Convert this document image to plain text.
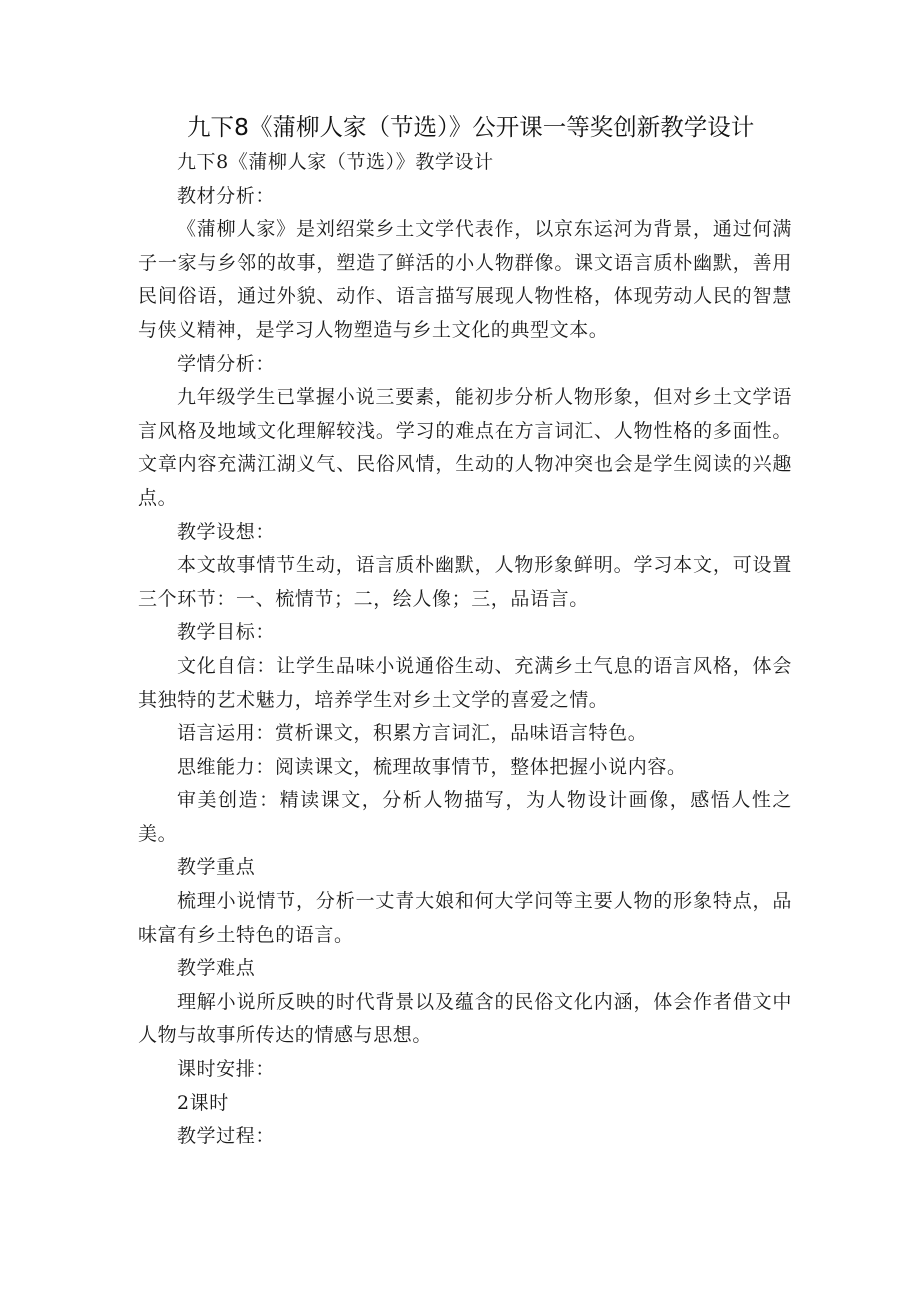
九下8《蒲柳人家（节选）》公开课一等奖创新教学设计

九下8《蒲柳人家（节选）》教学设计

教材分析：

《蒲柳人家》是刘绍棠乡土文学代表作，以京东运河为背景，通过何满子一家与乡邻的故事，塑造了鲜活的小人物群像。课文语言质朴幽默，善用民间俗语，通过外貌、动作、语言描写展现人物性格，体现劳动人民的智慧与侠义精神，是学习人物塑造与乡土文化的典型文本。

学情分析：

九年级学生已掌握小说三要素，能初步分析人物形象，但对乡土文学语言风格及地域文化理解较浅。学习的难点在方言词汇、人物性格的多面性。文章内容充满江湖义气、民俗风情，生动的人物冲突也会是学生阅读的兴趣点。

教学设想：

本文故事情节生动，语言质朴幽默，人物形象鲜明。学习本文，可设置三个环节：一、梳情节；二，绘人像；三，品语言。

教学目标：

文化自信：让学生品味小说通俗生动、充满乡土气息的语言风格，体会其独特的艺术魅力，培养学生对乡土文学的喜爱之情。

语言运用：赏析课文，积累方言词汇，品味语言特色。

思维能力：阅读课文，梳理故事情节，整体把握小说内容。

审美创造：精读课文，分析人物描写，为人物设计画像，感悟人性之美。

教学重点

梳理小说情节，分析一丈青大娘和何大学问等主要人物的形象特点，品味富有乡土特色的语言。

教学难点

理解小说所反映的时代背景以及蕴含的民俗文化内涵，体会作者借文中人物与故事所传达的情感与思想。

课时安排：

2课时

教学过程：
